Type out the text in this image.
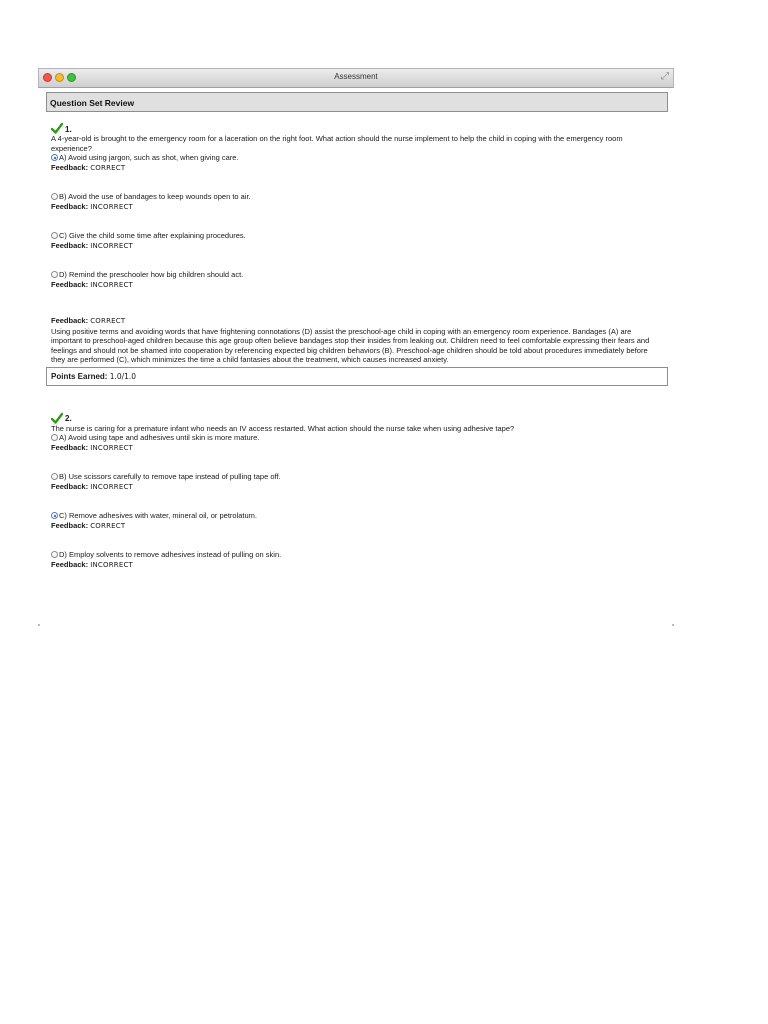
Assessment	⤢
Question Set Review
1.
A 4-year-old is brought to the emergency room for a laceration on the right foot. What action should the nurse implement to help the child in coping with the emergency room experience?
A) Avoid using jargon, such as shot, when giving care.
Feedback: CORRECT
B) Avoid the use of bandages to keep wounds open to air.
Feedback: INCORRECT
C) Give the child some time after explaining procedures.
Feedback: INCORRECT
D) Remind the preschooler how big children should act.
Feedback: INCORRECT
Feedback: CORRECT
Using positive terms and avoiding words that have frightening connotations (D) assist the preschool-age child in coping with an emergency room experience. Bandages (A) are important to preschool-aged children because this age group often believe bandages stop their insides from leaking out. Children need to feel comfortable expressing their fears and feelings and should not be shamed into cooperation by referencing expected big children behaviors (B). Preschool-age children should be told about procedures immediately before they are performed (C), which minimizes the time a child fantasies about the treatment, which causes increased anxiety.
Points Earned: 1.0/1.0
2.
The nurse is caring for a premature infant who needs an IV access restarted. What action should the nurse take when using adhesive tape?
A) Avoid using tape and adhesives until skin is more mature.
Feedback: INCORRECT
B) Use scissors carefully to remove tape instead of pulling tape off.
Feedback: INCORRECT
C) Remove adhesives with water, mineral oil, or petrolatum.
Feedback: CORRECT
D) Employ solvents to remove adhesives instead of pulling on skin.
Feedback: INCORRECT
